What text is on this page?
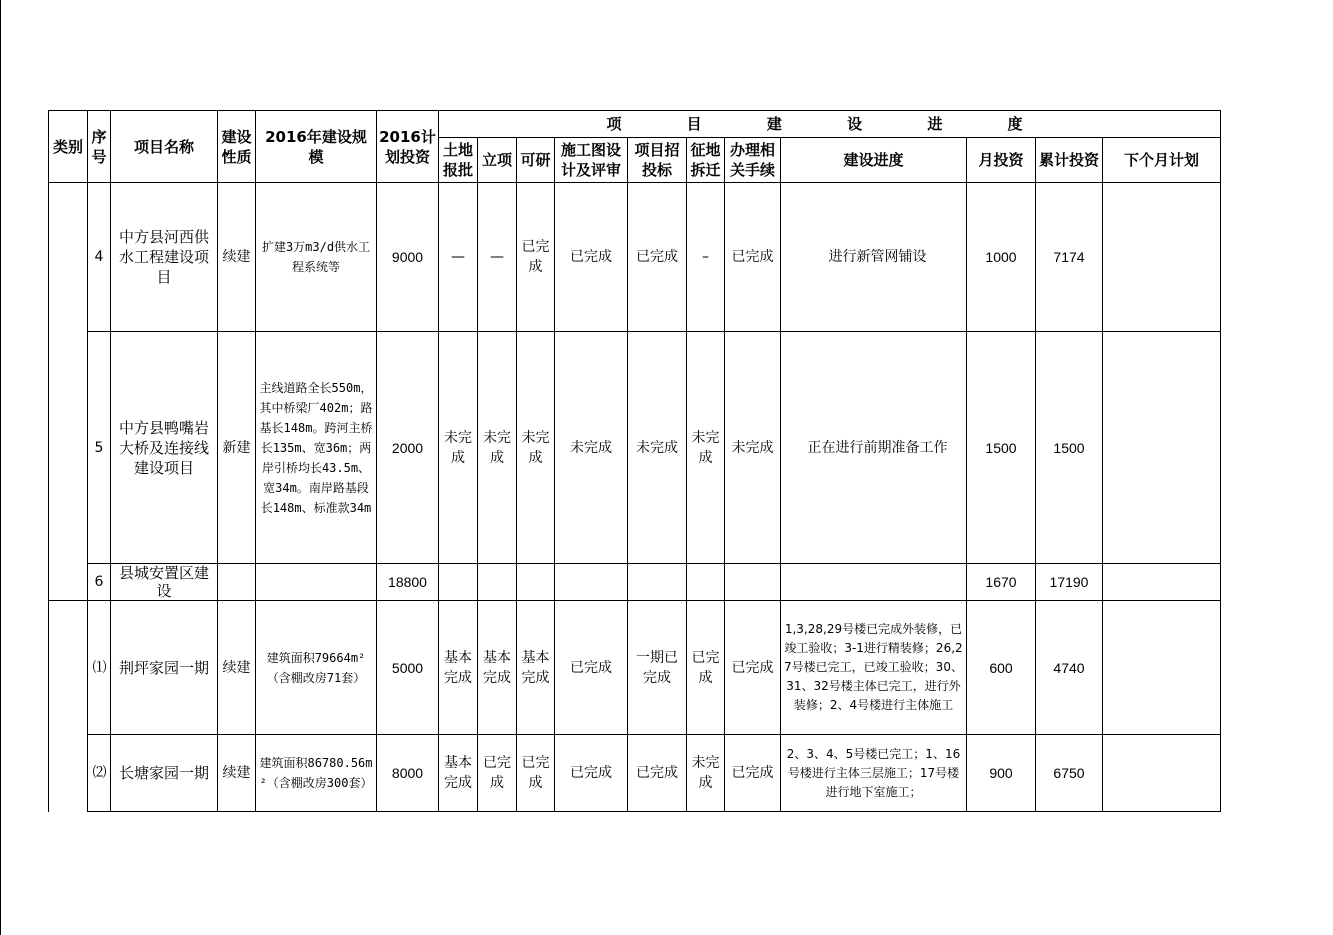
类别	序号	项目名称	建设性质	2016年建设规模	2016计划投资	项 目 建 设 进 度										
						土地报批	立项	可研	施工图设计及评审	项目招投标	征地拆迁	办理相关手续	建设进度	月投资	累计投资	下个月计划
	4	中方县河西供水工程建设项目	续建	扩建3万m3/d供水工程系统等	9000	—	—	已完成	已完成	已完成	–	已完成	进行新管网铺设	1000	7174	
	5	中方县鸭嘴岩大桥及连接线建设项目	新建	主线道路全长550m，其中桥梁厂402m；路基长148m。跨河主桥长135m、宽36m；两岸引桥均长43.5m、宽34m。南岸路基段长148m、标准款34m	2000	未完成	未完成	未完成	未完成	未完成	未完成	未完成	正在进行前期准备工作	1500	1500	
	6	县城安置区建设			18800									1670	17190	
	⑴	荆坪家园一期	续建	建筑面积79664m²（含棚改房71套）	5000	基本完成	基本完成	基本完成	已完成	一期已完成	已完成	已完成	1,3,28,29号楼已完成外装修，已竣工验收；3-1进行精装修；26,27号楼已完工，已竣工验收；30、31、32号楼主体已完工，进行外装修；2、4号楼进行主体施工	600	4740	
	⑵	长塘家园一期	续建	建筑面积86780.56m²（含棚改房300套）	8000	基本完成	已完成	已完成	已完成	已完成	未完成	已完成	2、3、4、5号楼已完工；1、16号楼进行主体三层施工；17号楼进行地下室施工；	900	6750	
